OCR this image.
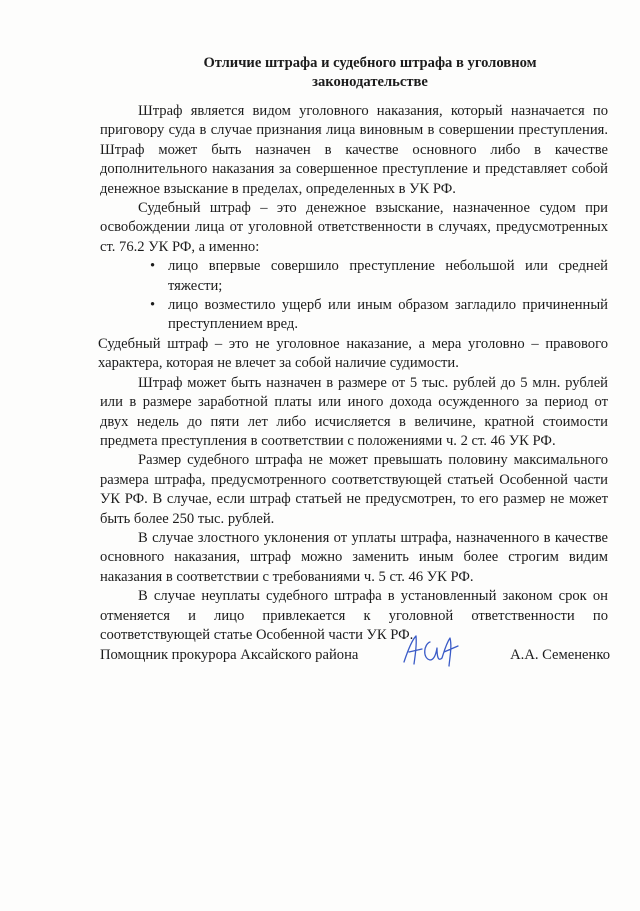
Отличие штрафа и судебного штрафа в уголовном
законодательстве

Штраф является видом уголовного наказания, который назначается по приговору суда в случае признания лица виновным в совершении преступления. Штраф может быть назначен в качестве основного либо в качестве дополнительного наказания за совершенное преступление и представляет собой денежное взыскание в пределах, определенных в УК РФ.

Судебный штраф – это денежное взыскание, назначенное судом при освобождении лица от уголовной ответственности в случаях, предусмотренных ст. 76.2 УК РФ, а именно:

• лицо впервые совершило преступление небольшой или средней тяжести;
• лицо возместило ущерб или иным образом загладило причиненный преступлением вред.

Судебный штраф – это не уголовное наказание, а мера уголовно – правового характера, которая не влечет за собой наличие судимости.

Штраф может быть назначен в размере от 5 тыс. рублей до 5 млн. рублей или в размере заработной платы или иного дохода осужденного за период от двух недель до пяти лет либо исчисляется в величине, кратной стоимости предмета преступления в соответствии с положениями ч. 2 ст. 46 УК РФ.

Размер судебного штрафа не может превышать половину максимального размера штрафа, предусмотренного соответствующей статьей Особенной части УК РФ. В случае, если штраф статьей не предусмотрен, то его размер не может быть более 250 тыс. рублей.

В случае злостного уклонения от уплаты штрафа, назначенного в качестве основного наказания, штраф можно заменить иным более строгим видим наказания в соответствии с требованиями ч. 5 ст. 46 УК РФ.

В случае неуплаты судебного штрафа в установленный законом срок он отменяется и лицо привлекается к уголовной ответственности по соответствующей статье Особенной части УК РФ.

Помощник прокурора Аксайского района	А.А. Семененко
